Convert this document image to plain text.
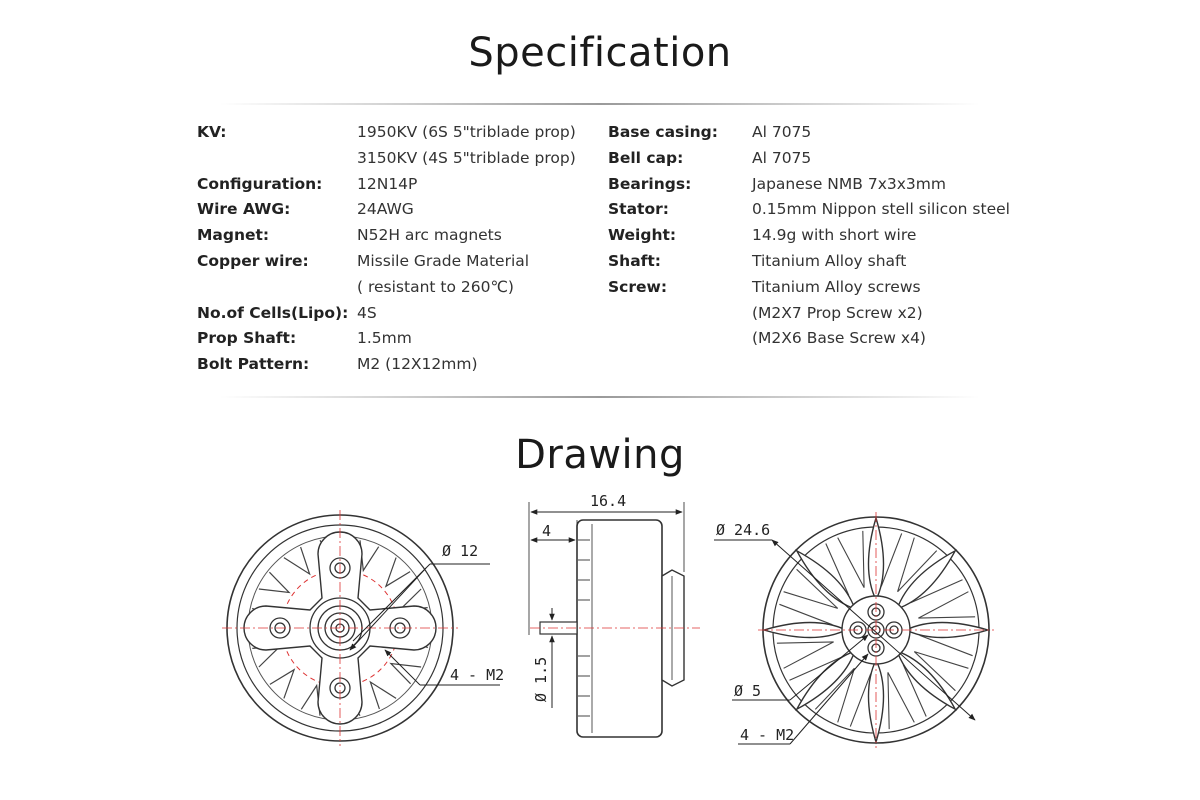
Specification
KV:	1950KV (6S 5"triblade prop)
3150KV (4S 5"triblade prop)
Configuration:	12N14P
Wire AWG:	24AWG
Magnet:	N52H arc magnets
Copper wire:	Missile Grade Material
( resistant to 260℃)
No.of Cells(Lipo): 4S
Prop Shaft:	1.5mm
Bolt Pattern:	M2 (12X12mm)
Base casing:	Al 7075
Bell cap:	Al 7075
Bearings:	Japanese NMB 7x3x3mm
Stator:	0.15mm Nippon stell silicon steel
Weight:	14.9g with short wire
Shaft:	Titanium Alloy shaft
Screw:	Titanium Alloy screws
(M2X7 Prop Screw x2)
(M2X6 Base Screw x4)
Drawing
Ø 12
4 - M2
16.4
4
Ø 1.5
Ø 24.6
Ø 5
4 - M2
